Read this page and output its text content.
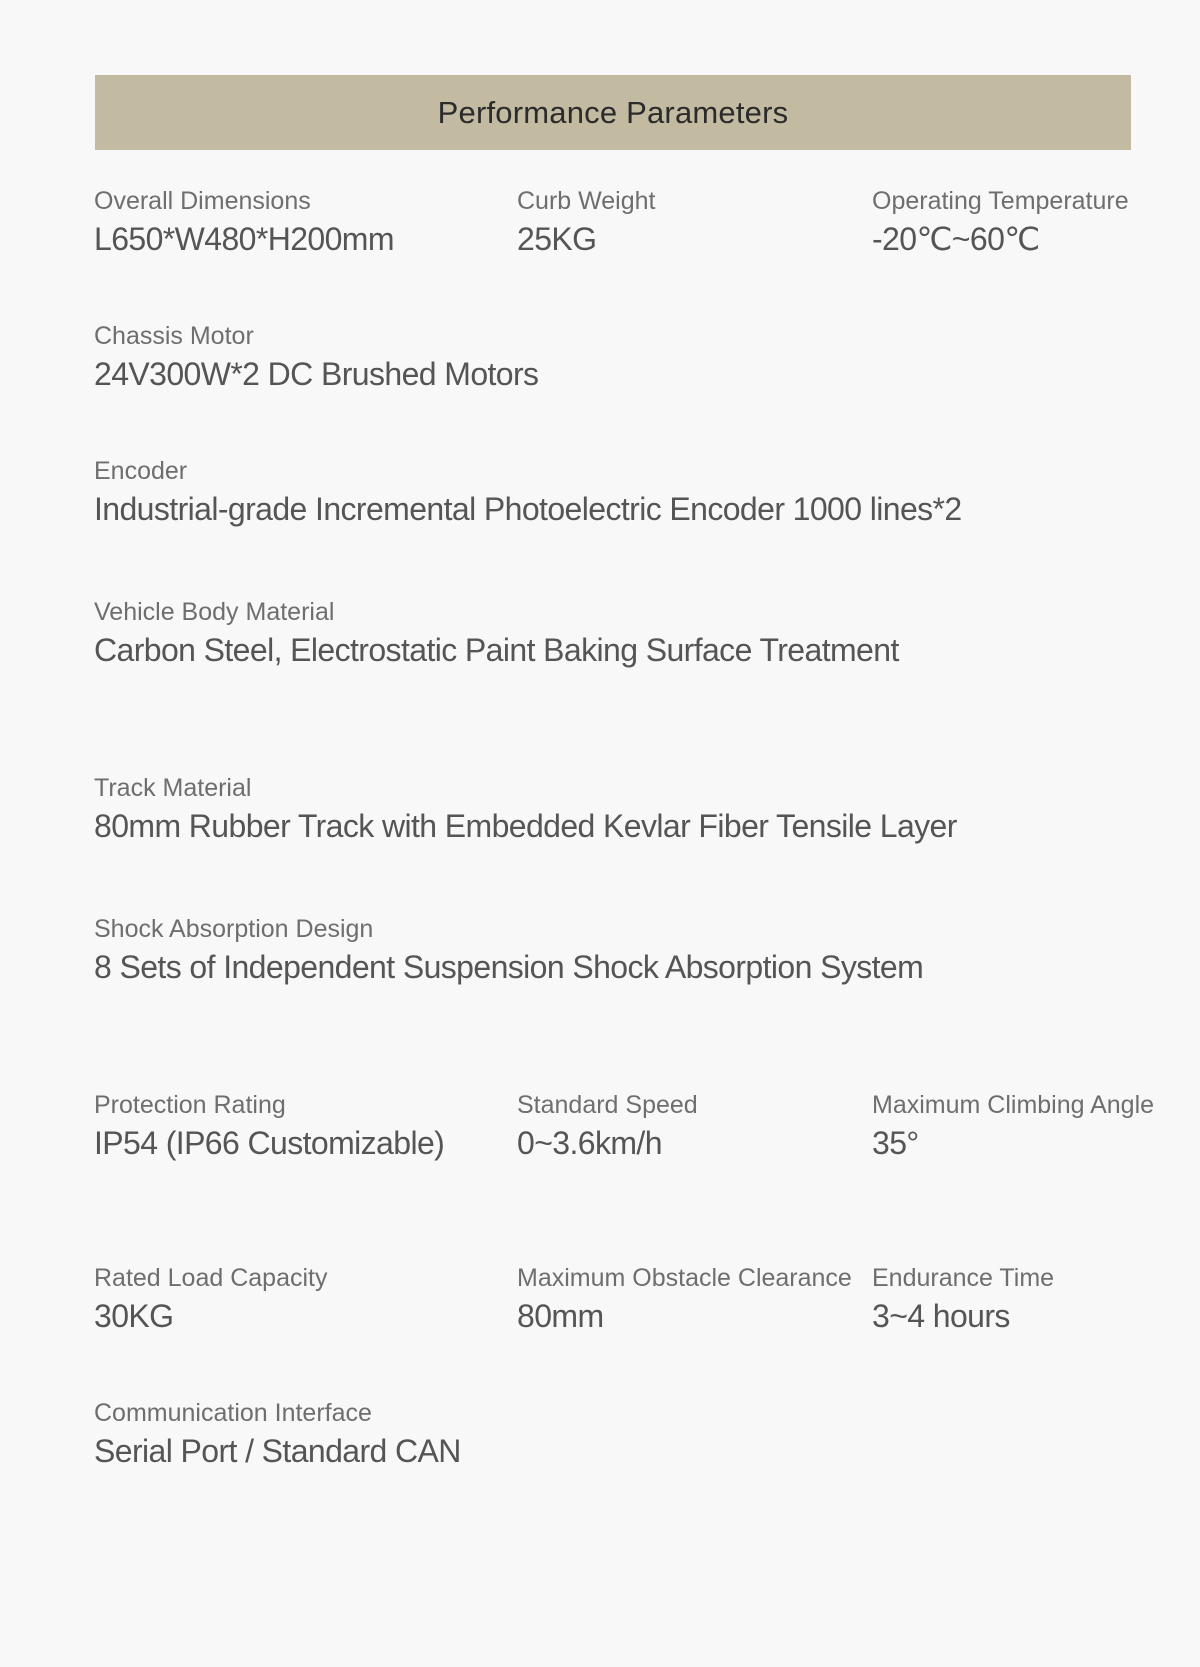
Performance Parameters
Overall Dimensions
L650*W480*H200mm
Curb Weight
25KG
Operating Temperature
-20℃~60℃
Chassis Motor
24V300W*2 DC Brushed Motors
Encoder
Industrial-grade Incremental Photoelectric Encoder 1000 lines*2
Vehicle Body Material
Carbon Steel, Electrostatic Paint Baking Surface Treatment
Track Material
80mm Rubber Track with Embedded Kevlar Fiber Tensile Layer
Shock Absorption Design
8 Sets of Independent Suspension Shock Absorption System
Protection Rating
IP54 (IP66 Customizable)
Standard Speed
0~3.6km/h
Maximum Climbing Angle
35°
Rated Load Capacity
30KG
Maximum Obstacle Clearance
80mm
Endurance Time
3~4 hours
Communication Interface
Serial Port / Standard CAN
